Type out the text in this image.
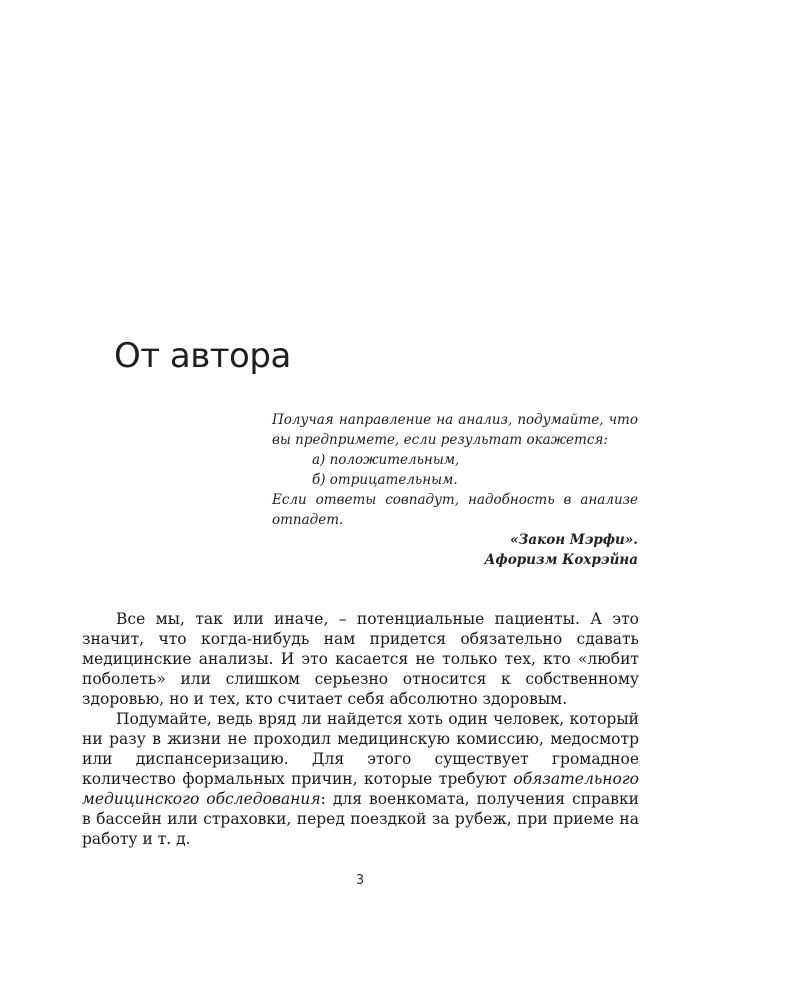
От автора

Получая направление на анализ, подумайте, что вы предпримете, если результат окажется:

а) положительным,

б) отрицательным.

Если ответы совпадут, надобность в анализе отпадет.

«Закон Мэрфи».

Афоризм Кохрэйна

Все мы, так или иначе, – потенциальные пациенты. А это значит, что когда-нибудь нам придется обязательно сдавать медицинские анализы. И это касается не только тех, кто «любит поболеть» или слишком серьезно относится к собственному здоровью, но и тех, кто считает себя абсолютно здоровым.

Подумайте, ведь вряд ли найдется хоть один человек, который ни разу в жизни не проходил медицинскую комиссию, медосмотр или диспансеризацию. Для этого существует громадное количество формальных причин, которые требуют обязательного медицинского обследования: для военкомата, получения справки в бассейн или страховки, перед поездкой за рубеж, при приеме на работу и т. д.

3
